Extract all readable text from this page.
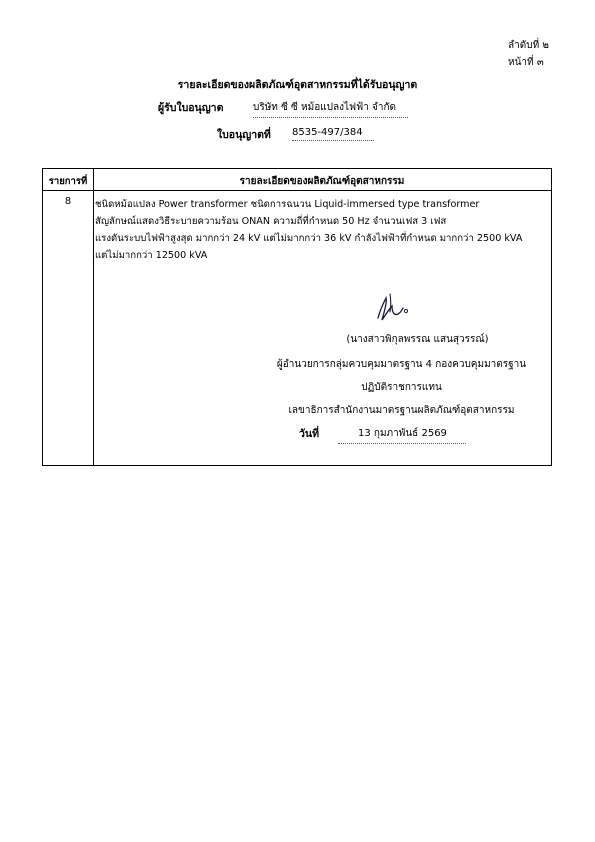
ลำดับที่ ๒
หน้าที่ ๓
รายละเอียดของผลิตภัณฑ์อุตสาหกรรมที่ได้รับอนุญาต
ผู้รับใบอนุญาต	บริษัท ซี ซี หม้อแปลงไฟฟ้า จำกัด
ใบอนุญาตที่ 8535-497/384
รายการที่	รายละเอียดของผลิตภัณฑ์อุตสาหกรรม
8	ชนิดหม้อแปลง Power transformer ชนิดการฉนวน Liquid-immersed type transformer
สัญลักษณ์แสดงวิธีระบายความร้อน ONAN ความถี่ที่กำหนด 50 Hz จำนวนเฟส 3 เฟส
แรงดันระบบไฟฟ้าสูงสุด มากกว่า 24 kV แต่ไม่มากกว่า 36 kV กำลังไฟฟ้าที่กำหนด มากกว่า 2500 kVA
แต่ไม่มากกว่า 12500 kVA
(นางสาวพิกุลพรรณ แสนสุวรรณ์)
ผู้อำนวยการกลุ่มควบคุมมาตรฐาน 4 กองควบคุมมาตรฐาน
ปฏิบัติราชการแทน
เลขาธิการสำนักงานมาตรฐานผลิตภัณฑ์อุตสาหกรรม
วันที่	13 กุมภาพันธ์ 2569
